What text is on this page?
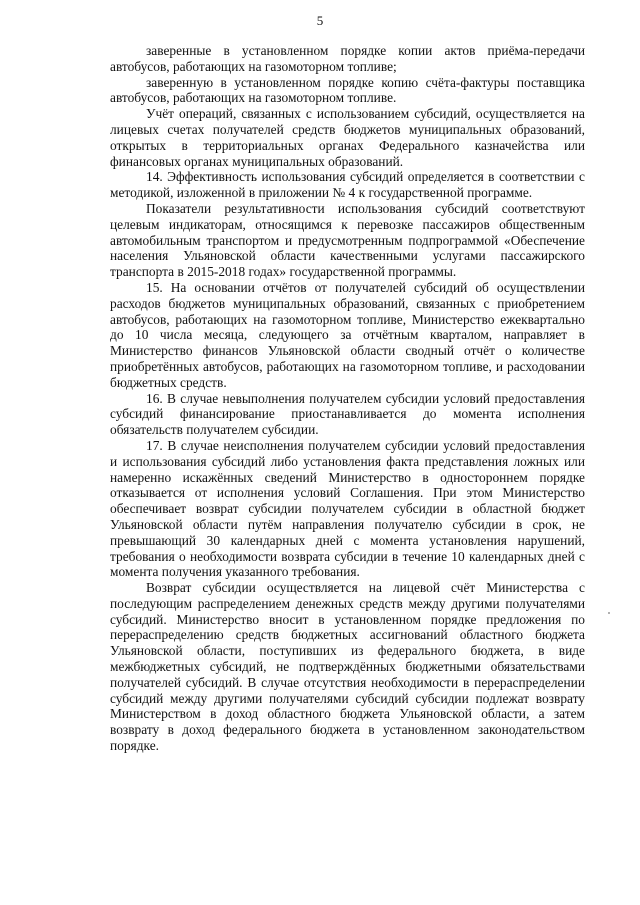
5

заверенные в установленном порядке копии актов приёма-передачи автобусов, работающих на газомоторном топливе;

заверенную в установленном порядке копию счёта-фактуры поставщика автобусов, работающих на газомоторном топливе.

Учёт операций, связанных с использованием субсидий, осуществляется на лицевых счетах получателей средств бюджетов муниципальных образований, открытых в территориальных органах Федерального казначейства или финансовых органах муниципальных образований.

14. Эффективность использования субсидий определяется в соответствии с методикой, изложенной в приложении № 4 к государственной программе.

Показатели результативности использования субсидий соответствуют целевым индикаторам, относящимся к перевозке пассажиров общественным автомобильным транспортом и предусмотренным подпрограммой «Обеспечение населения Ульяновской области качественными услугами пассажирского транспорта в 2015-2018 годах» государственной программы.

15. На основании отчётов от получателей субсидий об осуществлении расходов бюджетов муниципальных образований, связанных с приобретением автобусов, работающих на газомоторном топливе, Министерство ежеквартально до 10 числа месяца, следующего за отчётным кварталом, направляет в Министерство финансов Ульяновской области сводный отчёт о количестве приобретённых автобусов, работающих на газомоторном топливе, и расходовании бюджетных средств.

16. В случае невыполнения получателем субсидии условий предоставления субсидий финансирование приостанавливается до момента исполнения обязательств получателем субсидии.

17. В случае неисполнения получателем субсидии условий предоставления и использования субсидий либо установления факта представления ложных или намеренно искажённых сведений Министерство в одностороннем порядке отказывается от исполнения условий Соглашения. При этом Министерство обеспечивает возврат субсидии получателем субсидии в областной бюджет Ульяновской области путём направления получателю субсидии в срок, не превышающий 30 календарных дней с момента установления нарушений, требования о необходимости возврата субсидии в течение 10 календарных дней с момента получения указанного требования.

Возврат субсидии осуществляется на лицевой счёт Министерства с последующим распределением денежных средств между другими получателями субсидий. Министерство вносит в установленном порядке предложения по перераспределению средств бюджетных ассигнований областного бюджета Ульяновской области, поступивших из федерального бюджета, в виде межбюджетных субсидий, не подтверждённых бюджетными обязательствами получателей субсидий. В случае отсутствия необходимости в перераспределении субсидий между другими получателями субсидий субсидии подлежат возврату Министерством в доход областного бюджета Ульяновской области, а затем возврату в доход федерального бюджета в установленном законодательством порядке.
